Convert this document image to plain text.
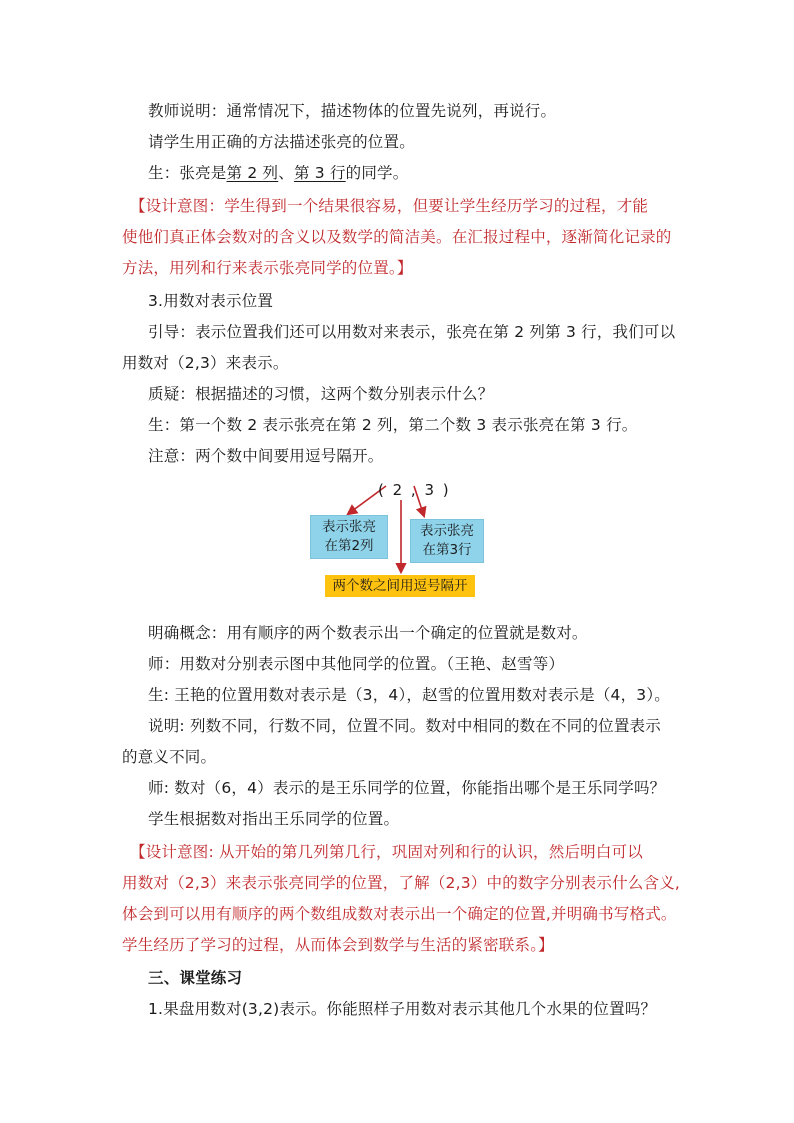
教师说明：通常情况下，描述物体的位置先说列，再说行。
请学生用正确的方法描述张亮的位置。
生：张亮是第 2 列、第 3 行的同学。
【设计意图：学生得到一个结果很容易，但要让学生经历学习的过程，才能
使他们真正体会数对的含义以及数学的简洁美。在汇报过程中，逐渐简化记录的
方法，用列和行来表示张亮同学的位置。】
3.用数对表示位置
引导：表示位置我们还可以用数对来表示，张亮在第 2 列第 3 行，我们可以
用数对（2,3）来表示。
质疑：根据描述的习惯，这两个数分别表示什么？
生：第一个数 2 表示张亮在第 2 列，第二个数 3 表示张亮在第 3 行。
注意：两个数中间要用逗号隔开。
( 2 , 3 )
表示张亮
在第2列
表示张亮
在第3行
两个数之间用逗号隔开
明确概念：用有顺序的两个数表示出一个确定的位置就是数对。
师：用数对分别表示图中其他同学的位置。（王艳、赵雪等）
生: 王艳的位置用数对表示是（3，4），赵雪的位置用数对表示是（4，3）。
说明: 列数不同，行数不同，位置不同。数对中相同的数在不同的位置表示
的意义不同。
师: 数对（6，4）表示的是王乐同学的位置，你能指出哪个是王乐同学吗？
学生根据数对指出王乐同学的位置。
【设计意图: 从开始的第几列第几行，巩固对列和行的认识，然后明白可以
用数对（2,3）来表示张亮同学的位置，了解（2,3）中的数字分别表示什么含义,
体会到可以用有顺序的两个数组成数对表示出一个确定的位置,并明确书写格式。
学生经历了学习的过程，从而体会到数学与生活的紧密联系。】
三、课堂练习
1.果盘用数对(3,2)表示。你能照样子用数对表示其他几个水果的位置吗？
